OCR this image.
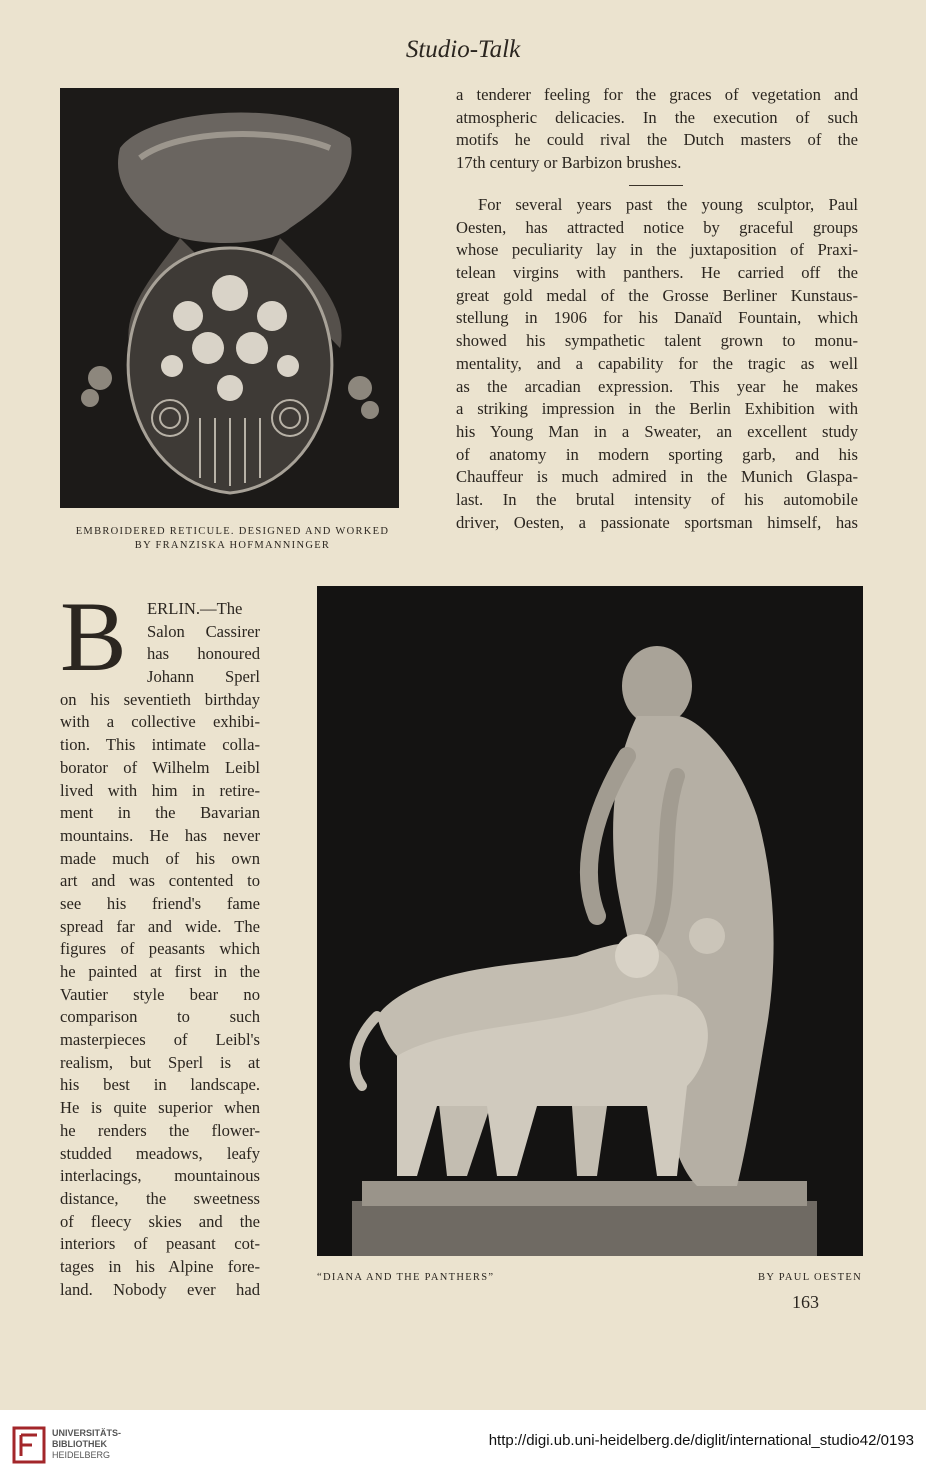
Studio-Talk
EMBROIDERED RETICULE. DESIGNED AND WORKED
BY FRANZISKA HOFMANNINGER
a tenderer feeling for the graces of vegetation and
atmospheric delicacies. In the execution of such
motifs he could rival the Dutch masters of the
17th century or Barbizon brushes.
For several years past the young sculptor, Paul
Oesten, has attracted notice by graceful groups
whose peculiarity lay in the juxtaposition of Praxi-
telean virgins with panthers. He carried off the
great gold medal of the Grosse Berliner Kunstaus-
stellung in 1906 for his Danaïd Fountain, which
showed his sympathetic talent grown to monu-
mentality, and a capability for the tragic as well
as the arcadian expression. This year he makes
a striking impression in the Berlin Exhibition with
his Young Man in a Sweater, an excellent study
of anatomy in modern sporting garb, and his
Chauffeur is much admired in the Munich Glaspa-
last. In the brutal intensity of his automobile
driver, Oesten, a passionate sportsman himself, has
B ERLIN.—The
Salon Cassirer
has honoured
Johann Sperl
on his seventieth birthday
with a collective exhibi-
tion. This intimate colla-
borator of Wilhelm Leibl
lived with him in retire-
ment in the Bavarian
mountains. He has never
made much of his own
art and was contented to
see his friend's fame
spread far and wide. The
figures of peasants which
he painted at first in the
Vautier style bear no
comparison to such
masterpieces of Leibl's
realism, but Sperl is at
his best in landscape.
He is quite superior when
he renders the flower-
studded meadows, leafy
interlacings, mountainous
distance, the sweetness
of fleecy skies and the
interiors of peasant cot-
tages in his Alpine fore-
land. Nobody ever had
“DIANA AND THE PANTHERS”	BY PAUL OESTEN
163
UNIVERSITÄTS-
BIBLIOTHEK
HEIDELBERG
http://digi.ub.uni-heidelberg.de/diglit/international_studio42/0193
